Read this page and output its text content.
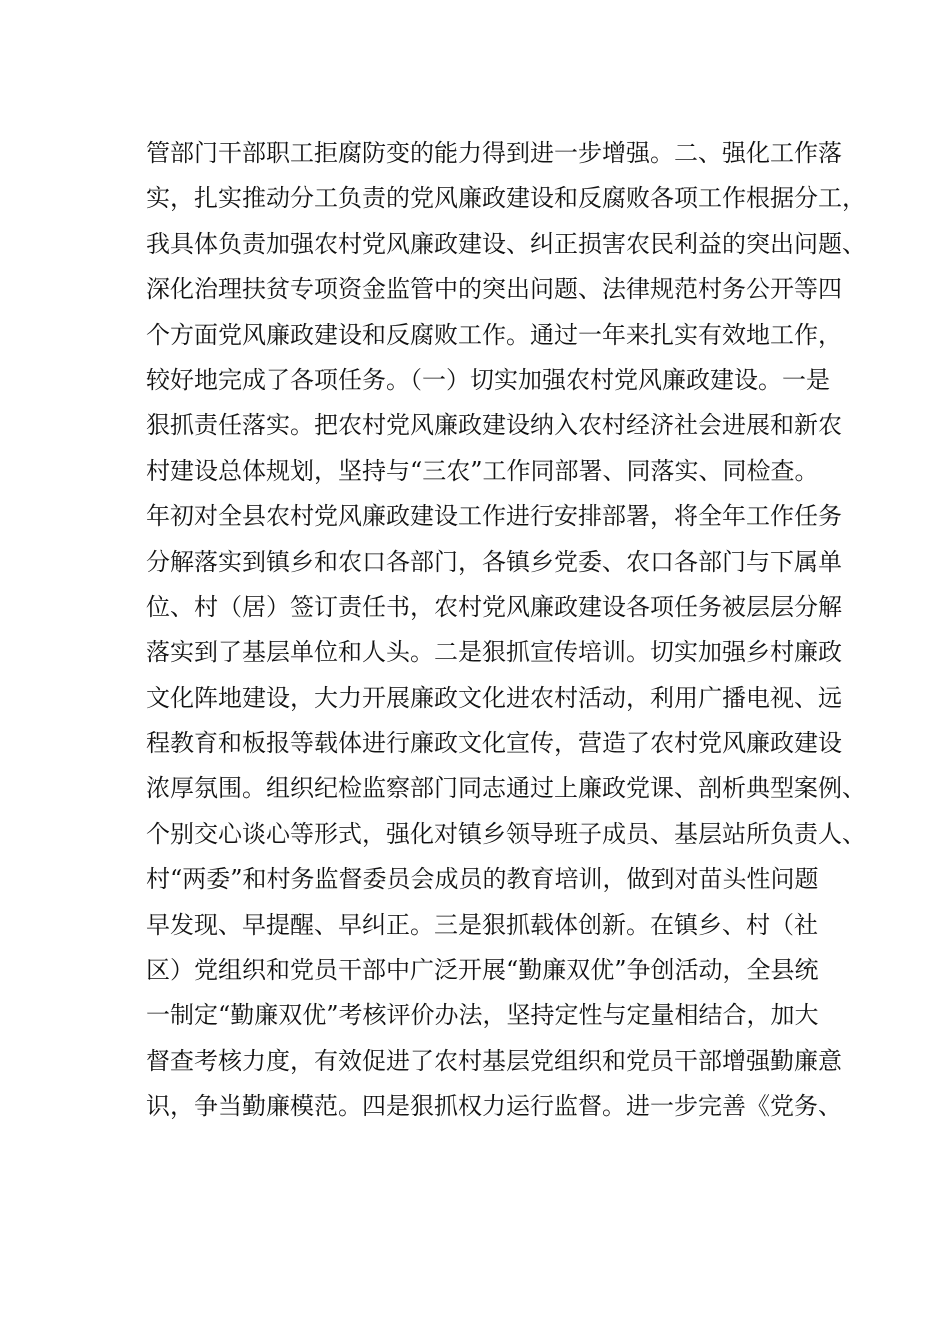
管部门干部职工拒腐防变的能力得到进一步增强。二、强化工作落
实，扎实推动分工负责的党风廉政建设和反腐败各项工作根据分工，
我具体负责加强农村党风廉政建设、纠正损害农民利益的突出问题、
深化治理扶贫专项资金监管中的突出问题、法律规范村务公开等四
个方面党风廉政建设和反腐败工作。通过一年来扎实有效地工作，
较好地完成了各项任务。（一）切实加强农村党风廉政建设。一是
狠抓责任落实。把农村党风廉政建设纳入农村经济社会进展和新农
村建设总体规划，坚持与“三农”工作同部署、同落实、同检查。
年初对全县农村党风廉政建设工作进行安排部署，将全年工作任务
分解落实到镇乡和农口各部门，各镇乡党委、农口各部门与下属单
位、村（居）签订责任书，农村党风廉政建设各项任务被层层分解
落实到了基层单位和人头。二是狠抓宣传培训。切实加强乡村廉政
文化阵地建设，大力开展廉政文化进农村活动，利用广播电视、远
程教育和板报等载体进行廉政文化宣传，营造了农村党风廉政建设
浓厚氛围。组织纪检监察部门同志通过上廉政党课、剖析典型案例、
个别交心谈心等形式，强化对镇乡领导班子成员、基层站所负责人、
村“两委”和村务监督委员会成员的教育培训，做到对苗头性问题
早发现、早提醒、早纠正。三是狠抓载体创新。在镇乡、村（社
区）党组织和党员干部中广泛开展“勤廉双优”争创活动，全县统
一制定“勤廉双优”考核评价办法，坚持定性与定量相结合，加大
督查考核力度，有效促进了农村基层党组织和党员干部增强勤廉意
识，争当勤廉模范。四是狠抓权力运行监督。进一步完善《党务、
